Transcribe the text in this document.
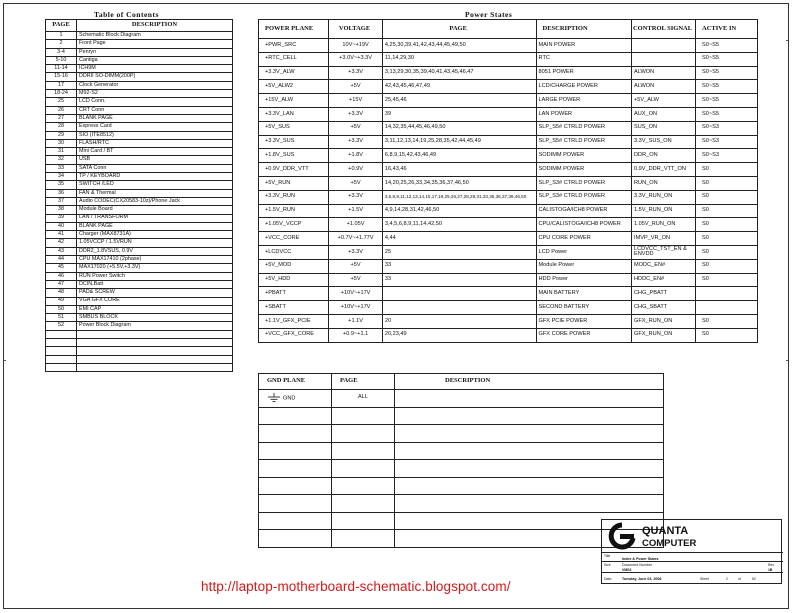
Table of Contents	Power States
PAGE	DESCRIPTION
1	Schematic Block Diagram
2	Front Page
3-4	Penryn
5-10	Cantiga
11-14	ICH9M
15-16	DDRII SO-DIMM(200P)
17	Clock Generator
18-24	M92-S2
25	LCD Conn.
26	CRT Conn
27	BLANK PAGE
28	Express Card
29	SIO (ITE8512)
30	FLASH/RTC
31	Mini Card / BT
32	USB
33	SATA Conn
34	TP / KEYBOARD
35	SWITCH /LED
36	FAN & Thermal
37	Audio CODEC(CX20583-10z)/Phone Jack
38	Module Board
39	LAN / TRANSFORM
40	BLANK PAGE
41	Charger (MAX8731A)
42	1.05VCCP / 1.5VRUN
43	DDR2_1.8VSUS, 0.9V
44	CPU MAX17410 (2phase)
45	MAX17020 (+5.5V,+3.3V)
46	RUN Power Switch
47	DCIN,Batt
48	PAD& SCREW
49	VGA GFX CORE
50	EMI CAP
51	SMBUS BLOCK
52	Power Block Diagram

POWER PLANE	VOLTAGE	PAGE	DESCRIPTION	CONTROL SIGNAL	ACTIVE IN
+PWR_SRC	10V~+19V	4,25,30,39,41,42,43,44,45,49,50	MAIN POWER		S0~S5
+RTC_CELL	+3.0V~+3.3V	11,14,29,30	RTC		S0~S5
+3.3V_ALW	+3.3V	3,13,29,30,35,39,40,41,43,45,46,47	8051 POWER	ALWON	S0~S5
+5V_ALW2	+5V	42,43,45,46,47,49	LCD/CHARGE POWER	ALWON	S0~S5
+15V_ALW	+15V	25,45,46	LARGE POWER	+5V_ALW	S0~S5
+3.3V_LAN	+3.3V	39	LAN POWER	AUX_ON	S0~S5
+5V_SUS	+5V	14,32,35,44,45,46,49,50	SLP_S5# CTRLD POWER	SUS_ON	S0~S3
+3.3V_SUS	+3.3V	3,11,12,13,14,19,25,28,35,42,44,45,49	SLP_S5# CTRLD POWER	3.3V_SUS_ON	S0~S3
+1.8V_SUS	+1.8V	6,8,9,15,42,43,46,49	SODIMM POWER	DDR_ON	S0~S3
+0.9V_DDR_VTT	+0.9V	16,43,46	SODIMM POWER	0.9V_DDR_VTT_ON	S0
+5V_RUN	+5V	14,20,25,26,33,34,35,36,37,46,50	SLP_S3# CTRLD POWER	RUN_ON	S0
+3.3V_RUN	+3.3V	3,6,8,9,11,12,13,14,15,17,19,25,26,27,28,29,31,33,35,36,37,39,46,50	SLP_S3# CTRLD POWER	3.3V_RUN_ON	S0
+1.5V_RUN	+1.5V	4,9,14,28,31,42,46,50	CALISTOGA/ICH8 POWER	1.5V_RUN_ON	S0
+1.05V_VCCP	+1.05V	3,4,5,6,8,9,11,14,42,50	CPU/CALISTOGA/ICH8 POWER	1.05V_RUN_ON	S0
+VCC_CORE	+0.7V~+1.77V	4,44	CPU CORE POWER	IMVP_VR_ON	S0
+LCDVCC	+3.3V	25	LCD Power	LCDVCC_TST_EN & ENVDD	S0
+5V_MOD	+5V	33	Module Power	MODC_EN#	S0
+5V_HDD	+5V	33	HDD Power	HDDC_EN#	S0
+PBATT	+10V~+17V		MAIN BATTERY	CHG_PBATT	
+SBATT	+10V~+17V		SECOND BATTERY	CHG_SBATT	
+1.1V_GFX_PCIE	+1.1V	20	GFX PCIE POWER	GFX_RUN_ON	S0
+VCC_GFX_CORE	+0.9~+1.1	20,23,49	GFX CORE POWER	GFX_RUN_ON	S0
GND PLANE	PAGE	DESCRIPTION
GND	ALL	

QUANTA
COMPUTER
Title
Index & Power States
Size	Document Number
VM03
Rev
1B
Date:	Tuesday, June 03, 2008	Sheet	2	of	52
http://laptop-motherboard-schematic.blogspot.com/
